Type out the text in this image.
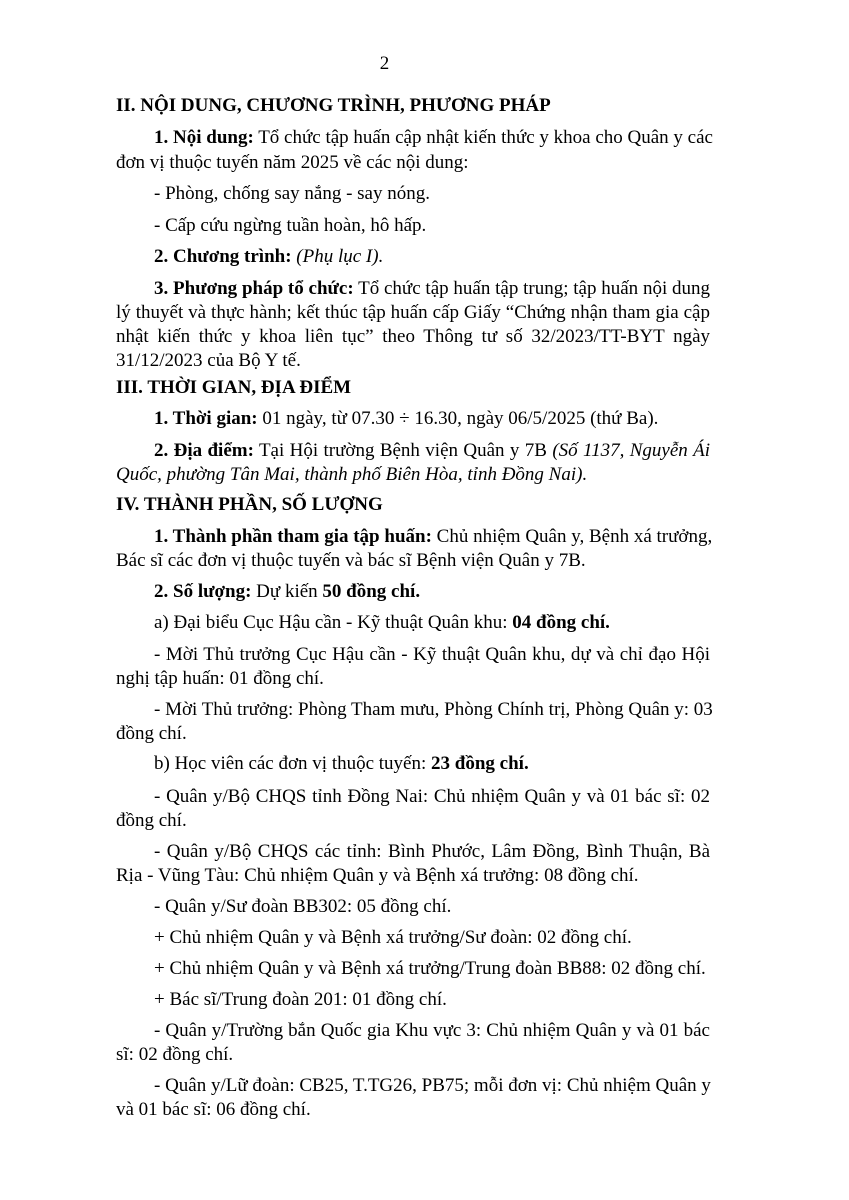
2
II. NỘI DUNG, CHƯƠNG TRÌNH, PHƯƠNG PHÁP
1. Nội dung: Tổ chức tập huấn cập nhật kiến thức y khoa cho Quân y các
đơn vị thuộc tuyến năm 2025 về các nội dung:
- Phòng, chống say nắng - say nóng.
- Cấp cứu ngừng tuần hoàn, hô hấp.
2. Chương trình: (Phụ lục I).
3. Phương pháp tổ chức: Tổ chức tập huấn tập trung; tập huấn nội dung
lý thuyết và thực hành; kết thúc tập huấn cấp Giấy “Chứng nhận tham gia cập
nhật kiến thức y khoa liên tục” theo Thông tư số 32/2023/TT-BYT ngày
31/12/2023 của Bộ Y tế.
III. THỜI GIAN, ĐỊA ĐIỂM
1. Thời gian: 01 ngày, từ 07.30 ÷ 16.30, ngày 06/5/2025 (thứ Ba).
2. Địa điểm: Tại Hội trường Bệnh viện Quân y 7B (Số 1137, Nguyễn Ái
Quốc, phường Tân Mai, thành phố Biên Hòa, tỉnh Đồng Nai).
IV. THÀNH PHẦN, SỐ LƯỢNG
1. Thành phần tham gia tập huấn: Chủ nhiệm Quân y, Bệnh xá trưởng,
Bác sĩ các đơn vị thuộc tuyến và bác sĩ Bệnh viện Quân y 7B.
2. Số lượng: Dự kiến 50 đồng chí.
a) Đại biểu Cục Hậu cần - Kỹ thuật Quân khu: 04 đồng chí.
- Mời Thủ trưởng Cục Hậu cần - Kỹ thuật Quân khu, dự và chỉ đạo Hội
nghị tập huấn: 01 đồng chí.
- Mời Thủ trưởng: Phòng Tham mưu, Phòng Chính trị, Phòng Quân y: 03
đồng chí.
b) Học viên các đơn vị thuộc tuyến: 23 đồng chí.
- Quân y/Bộ CHQS tỉnh Đồng Nai: Chủ nhiệm Quân y và 01 bác sĩ: 02
đồng chí.
- Quân y/Bộ CHQS các tỉnh: Bình Phước, Lâm Đồng, Bình Thuận, Bà
Rịa - Vũng Tàu: Chủ nhiệm Quân y và Bệnh xá trưởng: 08 đồng chí.
- Quân y/Sư đoàn BB302: 05 đồng chí.
+ Chủ nhiệm Quân y và Bệnh xá trưởng/Sư đoàn: 02 đồng chí.
+ Chủ nhiệm Quân y và Bệnh xá trưởng/Trung đoàn BB88: 02 đồng chí.
+ Bác sĩ/Trung đoàn 201: 01 đồng chí.
- Quân y/Trường bắn Quốc gia Khu vực 3: Chủ nhiệm Quân y và 01 bác
sĩ: 02 đồng chí.
- Quân y/Lữ đoàn: CB25, T.TG26, PB75; mỗi đơn vị: Chủ nhiệm Quân y
và 01 bác sĩ: 06 đồng chí.
